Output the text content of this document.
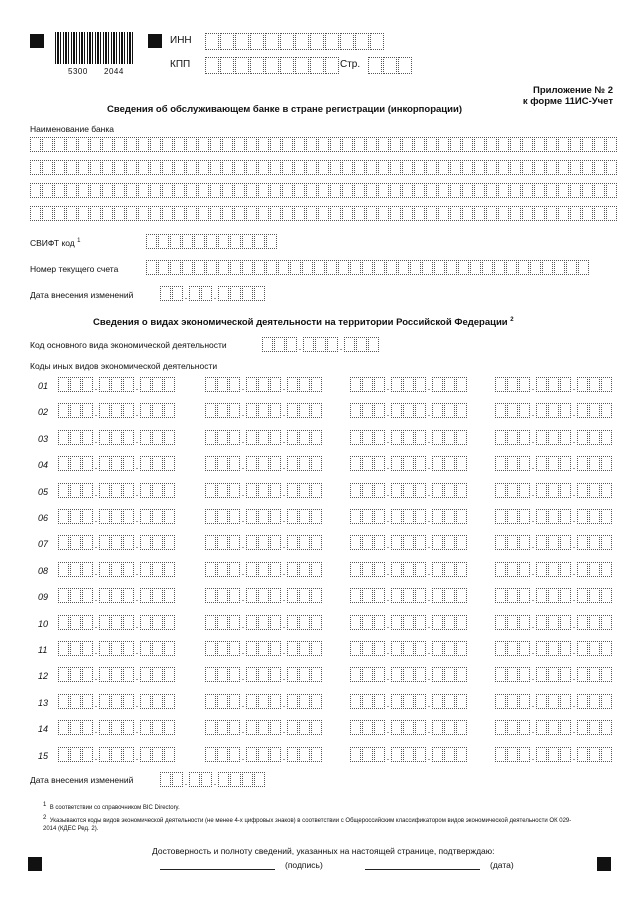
5300 2044
ИНН
КПП	Стр.
Приложение № 2
к форме 11ИС-Учет
Сведения об обслуживающем банке в стране регистрации (инкорпорации)
Наименование банка
СВИФТ код $^1$
Номер текущего счета
Дата внесения изменений	.	.
Сведения о видах экономической деятельности на территории Российской Федерации $^2$
Код основного вида экономической деятельности	.	.
Коды иных видов экономической деятельности
01	.	.	.	.	.	.	.	.
02	.	.	.	.	.	.	.	.
03	.	.	.	.	.	.	.	.
04	.	.	.	.	.	.	.	.
05	.	.	.	.	.	.	.	.
06	.	.	.	.	.	.	.	.
07	.	.	.	.	.	.	.	.
08	.	.	.	.	.	.	.	.
09	.	.	.	.	.	.	.	.
10	.	.	.	.	.	.	.	.
11	.	.	.	.	.	.	.	.
12	.	.	.	.	.	.	.	.
13	.	.	.	.	.	.	.	.
14	.	.	.	.	.	.	.	.
15	.	.	.	.	.	.	.	.
Дата внесения изменений	.	.
$^1$ В соответствии со справочником BIC Directory.
$^2$ Указываются коды видов экономической деятельности (не менее 4-х цифровых знаков) в соответствии с Общероссийским классификатором видов экономической деятельности ОК 029-2014 (КДЕС Ред. 2).
Достоверность и полноту сведений, указанных на настоящей странице, подтверждаю:
(подпись)	(дата)
